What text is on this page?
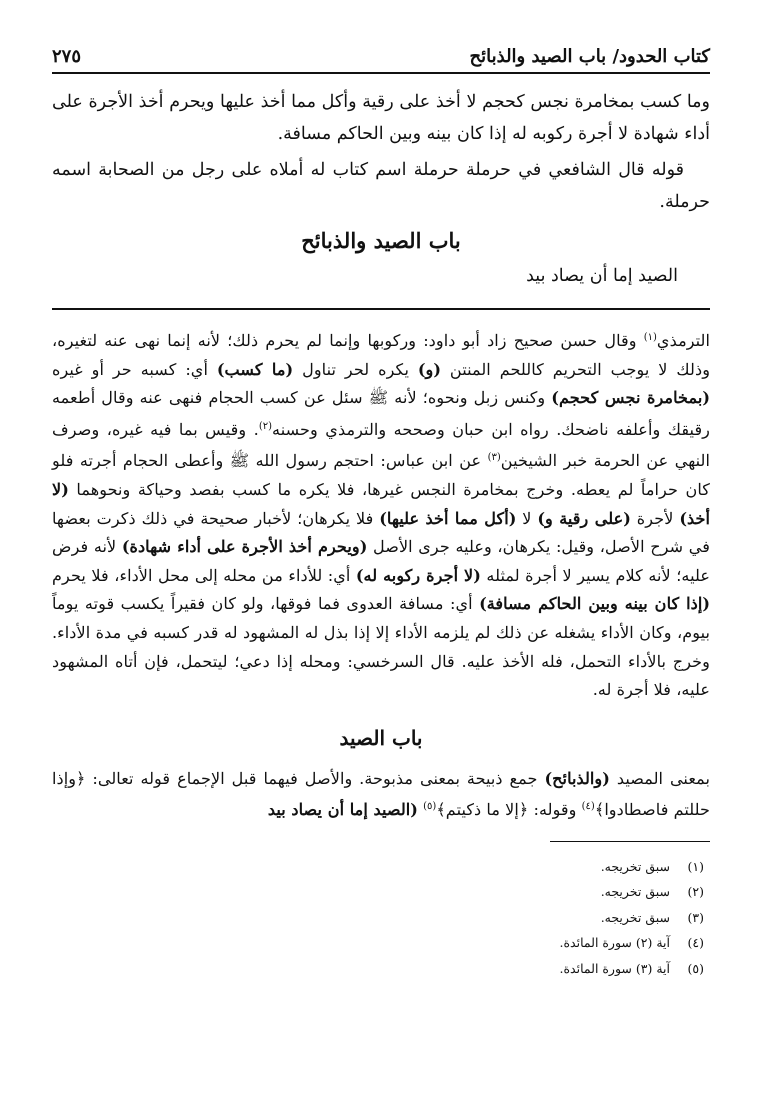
كتاب الحدود/ باب الصيد والذبائح
٢٧٥

وما كسب بمخامرة نجس كحجم لا أخذ على رقية وأكل مما أخذ عليها ويحرم أخذ الأجرة على أداء شهادة لا أجرة ركوبه له إذا كان بينه وبين الحاكم مسافة.

قوله قال الشافعي في حرملة حرملة اسم كتاب له أملاه على رجل من الصحابة اسمه حرملة.

باب الصيد والذبائح
الصيد إما أن يصاد بيد

الترمذي$^{(١)}$ وقال حسن صحيح زاد أبو داود: وركوبها وإنما لم يحرم ذلك؛ لأنه إنما نهى عنه لتغيره، وذلك لا يوجب التحريم كاللحم المنتن (و) يكره لحر تناول (ما كسب) أي: كسبه حر أو غيره (بمخامرة نجس كحجم) وكنس زبل ونحوه؛ لأنه ﷺ سئل عن كسب الحجام فنهى عنه وقال أطعمه رقيقك وأعلفه ناضحك. رواه ابن حبان وصححه والترمذي وحسنه$^{(٢)}$. وقيس بما فيه غيره، وصرف النهي عن الحرمة خبر الشيخين$^{(٣)}$ عن ابن عباس: احتجم رسول الله ﷺ وأعطى الحجام أجرته فلو كان حراماً لم يعطه. وخرج بمخامرة النجس غيرها، فلا يكره ما كسب بفصد وحياكة ونحوهما (لا أخذ) لأجرة (على رقية و) لا (أكل مما أخذ عليها) فلا يكرهان؛ لأخبار صحيحة في ذلك ذكرت بعضها في شرح الأصل، وقيل: يكرهان، وعليه جرى الأصل (ويحرم أخذ الأجرة على أداء شهادة) لأنه فرض عليه؛ لأنه كلام يسير لا أجرة لمثله (لا أجرة ركوبه له) أي: للأداء من محله إلى محل الأداء، فلا يحرم (إذا كان بينه وبين الحاكم مسافة) أي: مسافة العدوى فما فوقها، ولو كان فقيراً يكسب قوته يوماً بيوم، وكان الأداء يشغله عن ذلك لم يلزمه الأداء إلا إذا بذل له المشهود له قدر كسبه في مدة الأداء. وخرج بالأداء التحمل، فله الأخذ عليه. قال السرخسي: ومحله إذا دعي؛ ليتحمل، فإن أتاه المشهود عليه، فلا أجرة له.

باب الصيد

بمعنى المصيد (والذبائح) جمع ذبيحة بمعنى مذبوحة. والأصل فيهما قبل الإجماع قوله تعالى: ﴿وإذا حللتم فاصطادوا﴾$^{(٤)}$ وقوله: ﴿إلا ما ذكيتم﴾$^{(٥)}$ (الصيد إما أن يصاد بيد

(١)
سبق تخريجه.
(٢)
سبق تخريجه.
(٣)
سبق تخريجه.
(٤)
آية (٢) سورة المائدة.
(٥)
آية (٣) سورة المائدة.
